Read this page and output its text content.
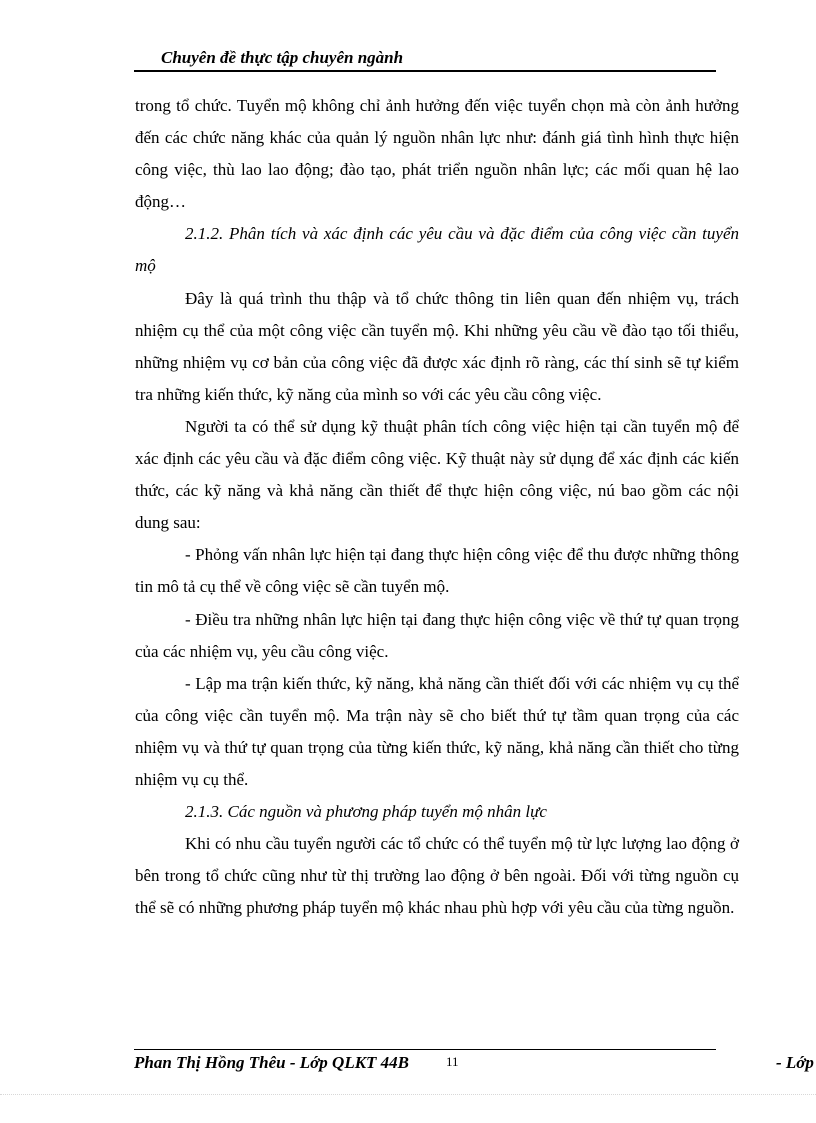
Chuyên đề thực tập chuyên ngành

trong tổ chức. Tuyển mộ không chỉ ảnh hưởng đến việc tuyển chọn mà còn ảnh hưởng đến các chức năng khác của quản lý nguồn nhân lực như: đánh giá tình hình thực hiện công việc, thù lao lao động; đào tạo, phát triển nguồn nhân lực; các mối quan hệ lao động…

2.1.2. Phân tích và xác định các yêu cầu và đặc điểm của công việc cần tuyển mộ

Đây là quá trình thu thập và tổ chức thông tin liên quan đến nhiệm vụ, trách nhiệm cụ thể của một công việc cần tuyển mộ. Khi những yêu cầu về đào tạo tối thiểu, những nhiệm vụ cơ bản của công việc đã được xác định rõ ràng, các thí sinh sẽ tự kiểm tra những kiến thức, kỹ năng của mình so với các yêu cầu công việc.

Người ta có thể sử dụng kỹ thuật phân tích công việc hiện tại cần tuyển mộ để xác định các yêu cầu và đặc điểm công việc. Kỹ thuật này sử dụng để xác định các kiến thức, các kỹ năng và khả năng cần thiết để thực hiện công việc, nú bao gồm các nội dung sau:

- Phỏng vấn nhân lực hiện tại đang thực hiện công việc để thu được những thông tin mô tả cụ thể về công việc sẽ cần tuyển mộ.

- Điều tra những nhân lực hiện tại đang thực hiện công việc về thứ tự quan trọng của các nhiệm vụ, yêu cầu công việc.

- Lập ma trận kiến thức, kỹ năng, khả năng cần thiết đối với các nhiệm vụ cụ thể của công việc cần tuyển mộ. Ma trận này sẽ cho biết thứ tự tầm quan trọng của các nhiệm vụ và thứ tự quan trọng của từng kiến thức, kỹ năng, khả năng cần thiết cho từng nhiệm vụ cụ thể.

2.1.3. Các nguồn và phương pháp tuyển mộ nhân lực

Khi có nhu cầu tuyển người các tổ chức có thể tuyển mộ từ lực lượng lao động ở bên trong tổ chức cũng như từ thị trường lao động ở bên ngoài. Đối với từng nguồn cụ thể sẽ có những phương pháp tuyển mộ khác nhau phù hợp với yêu cầu của từng nguồn.

Phan Thị Hồng Thêu - Lớp QLKT 44B	11	- Lớp
